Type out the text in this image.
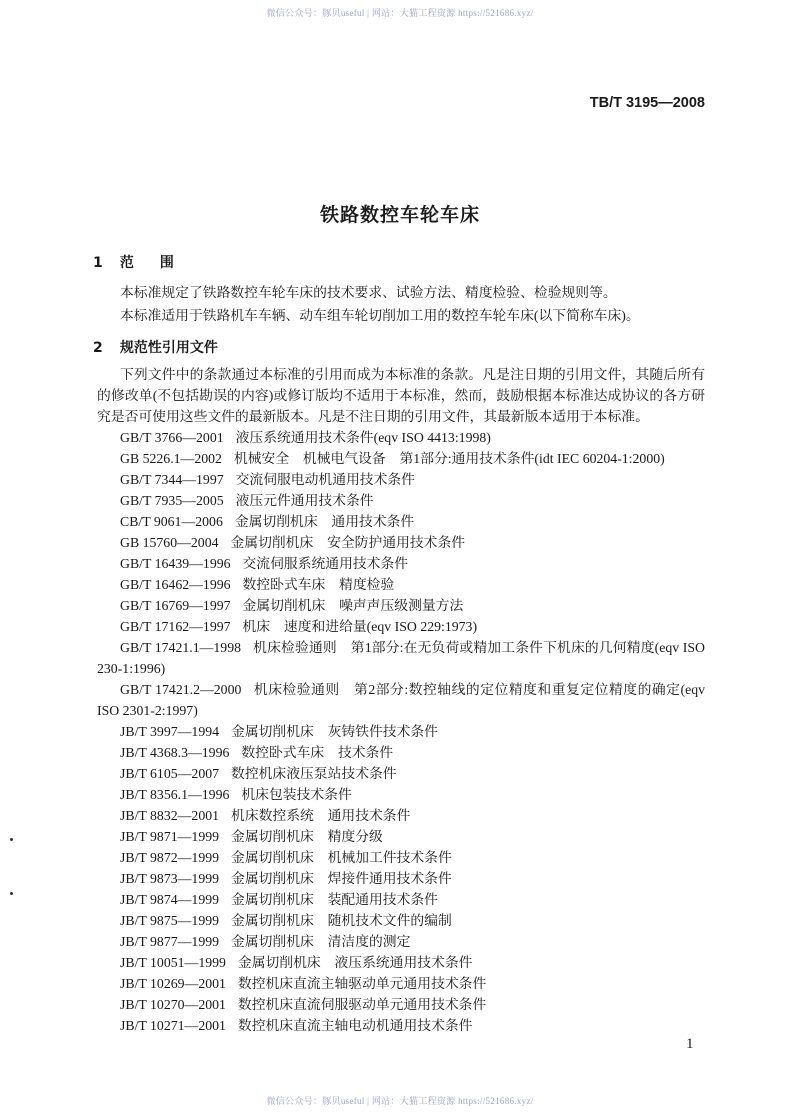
微信公众号：豚贝useful | 网站：大猫工程资源 https://521686.xyz/
TB/T 3195—2008
铁路数控车轮车床
1 范　围
本标准规定了铁路数控车轮车床的技术要求、试验方法、精度检验、检验规则等。
本标准适用于铁路机车车辆、动车组车轮切削加工用的数控车轮车床(以下简称车床)。
2 规范性引用文件
下列文件中的条款通过本标准的引用而成为本标准的条款。凡是注日期的引用文件，其随后所有的修改单(不包括勘误的内容)或修订版均不适用于本标准，然而，鼓励根据本标准达成协议的各方研究是否可使用这些文件的最新版本。凡是不注日期的引用文件，其最新版本适用于本标准。
GB/T 3766—2001 液压系统通用技术条件(eqv ISO 4413:1998)
GB 5226.1—2002 机械安全　机械电气设备　第1部分:通用技术条件(idt IEC 60204-1:2000)
GB/T 7344—1997 交流伺服电动机通用技术条件
GB/T 7935—2005 液压元件通用技术条件
CB/T 9061—2006 金属切削机床　通用技术条件
GB 15760—2004 金属切削机床　安全防护通用技术条件
GB/T 16439—1996 交流伺服系统通用技术条件
GB/T 16462—1996 数控卧式车床　精度检验
GB/T 16769—1997 金属切削机床　噪声声压级测量方法
GB/T 17162—1997 机床　速度和进给量(eqv ISO 229:1973)
GB/T 17421.1—1998 机床检验通则　第1部分:在无负荷或精加工条件下机床的几何精度(eqv ISO 230-1:1996)
GB/T 17421.2—2000 机床检验通则　第2部分:数控轴线的定位精度和重复定位精度的确定(eqv ISO 2301-2:1997)
JB/T 3997—1994 金属切削机床　灰铸铁件技术条件
JB/T 4368.3—1996 数控卧式车床　技术条件
JB/T 6105—2007 数控机床液压泵站技术条件
JB/T 8356.1—1996 机床包装技术条件
JB/T 8832—2001 机床数控系统　通用技术条件
JB/T 9871—1999 金属切削机床　精度分级
JB/T 9872—1999 金属切削机床　机械加工件技术条件
JB/T 9873—1999 金属切削机床　焊接件通用技术条件
JB/T 9874—1999 金属切削机床　装配通用技术条件
JB/T 9875—1999 金属切削机床　随机技术文件的编制
JB/T 9877—1999 金属切削机床　清洁度的测定
JB/T 10051—1999 金属切削机床　液压系统通用技术条件
JB/T 10269—2001 数控机床直流主轴驱动单元通用技术条件
JB/T 10270—2001 数控机床直流伺服驱动单元通用技术条件
JB/T 10271—2001 数控机床直流主轴电动机通用技术条件
1
微信公众号：豚贝useful | 网站：大猫工程资源 https://521686.xyz/
